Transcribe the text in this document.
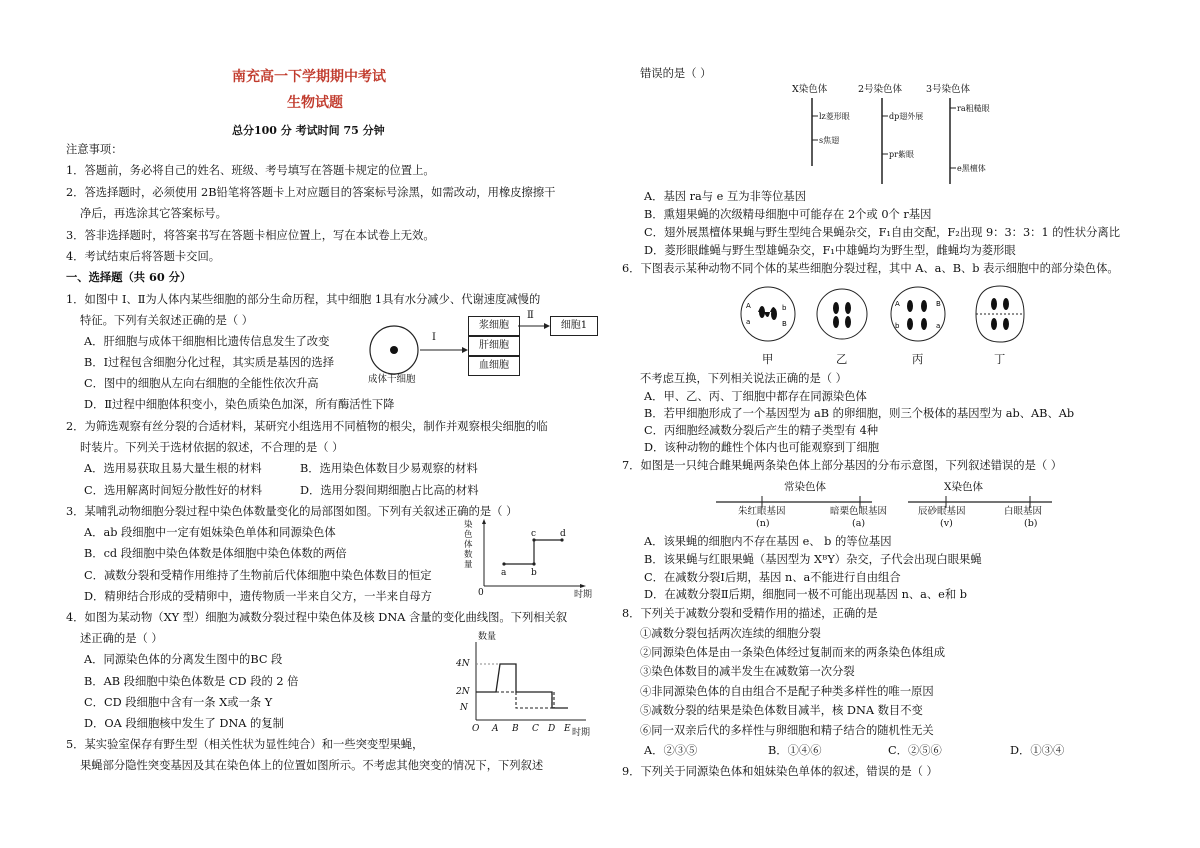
南充高一下学期期中考试
生物试题
总分100 分 考试时间 75 分钟
注意事项：
1．答题前，务必将自己的姓名、班级、考号填写在答题卡规定的位置上。
2．答选择题时，必须使用 2B铅笔将答题卡上对应题目的答案标号涂黑，如需改动，用橡皮擦擦干
净后，再选涂其它答案标号。
3．答非选择题时，将答案书写在答题卡相应位置上，写在本试卷上无效。
4．考试结束后将答题卡交回。
一、选择题（共 60 分）
1．如图中 Ⅰ、Ⅱ为人体内某些细胞的部分生命历程，其中细胞 1具有水分减少、代谢速度减慢的
特征。下列有关叙述正确的是（ ）
A．肝细胞与成体干细胞相比遗传信息发生了改变
B．Ⅰ过程包含细胞分化过程，其实质是基因的选择
C．图中的细胞从左向右细胞的全能性依次升高
D．Ⅱ过程中细胞体积变小，染色质染色加深，所有酶活性下降
2．为筛选观察有丝分裂的合适材料，某研究小组选用不同植物的根尖，制作并观察根尖细胞的临
时装片。下列关于选材依据的叙述，不合理的是（ ）
A．选用易获取且易大量生根的材料	B．选用染色体数目少易观察的材料
C．选用解离时间短分散性好的材料	D．选用分裂间期细胞占比高的材料
3．某哺乳动物细胞分裂过程中染色体数量变化的局部图如图。下列有关叙述正确的是（ ）
A．ab 段细胞中一定有姐妹染色单体和同源染色体
B．cd 段细胞中染色体数是体细胞中染色体数的两倍
C．减数分裂和受精作用维持了生物前后代体细胞中染色体数目的恒定
D．精卵结合形成的受精卵中，遗传物质一半来自父方，一半来自母方
4．如图为某动物（XY 型）细胞为减数分裂过程中染色体及核 DNA 含量的变化曲线图。下列相关叙
述正确的是（ ）
A．同源染色体的分离发生图中的BC 段
B．AB 段细胞中染色体数是 CD 段的 2 倍
C．CD 段细胞中含有一条 X或一条 Y
D．OA 段细胞核中发生了 DNA 的复制
5．某实验室保存有野生型（相关性状为显性纯合）和一些突变型果蝇，
果蝇部分隐性突变基因及其在染色体上的位置如图所示。不考虑其他突变的情况下，下列叙述
Ⅰ
Ⅱ
成体干细胞
浆细胞
肝细胞
血细胞
细胞1
染色体数量
0	时期
a	b
c	d
数量
4N
2N
N
O A B C D E 时期
错误的是（ ）
X染色体	2号染色体	3号染色体
lz菱形眼
s焦翅
dp翅外展
pr紫眼
ra粗糙眼
e黑檀体
A．基因 ra与 e 互为非等位基因
B．熏翅果蝇的次级精母细胞中可能存在 2个或 0个 r基因
C．翅外展黑檀体果蝇与野生型纯合果蝇杂交，F₁自由交配，F₂出现 9：3：3：1 的性状分离比
D．菱形眼雌蝇与野生型雄蝇杂交，F₁中雄蝇均为野生型，雌蝇均为菱形眼
6．下图表示某种动物不同个体的某些细胞分裂过程，其中 A、a、B、b 表示细胞中的部分染色体。
A
a
b
B
A
b
B
a
甲	乙	丙	丁
不考虑互换，下列相关说法正确的是（ ）
A．甲、乙、丙、丁细胞中都存在同源染色体
B．若甲细胞形成了一个基因型为 aB 的卵细胞，则三个极体的基因型为 ab、AB、Ab
C．丙细胞经减数分裂后产生的精子类型有 4种
D．该种动物的雌性个体内也可能观察到丁细胞
7．如图是一只纯合雌果蝇两条染色体上部分基因的分布示意图，下列叙述错误的是（ ）
常染色体	X染色体
朱红眼基因	暗栗色眼基因	辰砂眼基因	白眼基因
(n)	(a)	(v)	(b)
A．该果蝇的细胞内不存在基因 e、 b 的等位基因
B．该果蝇与红眼果蝇（基因型为 XᴮY）杂交，子代会出现白眼果蝇
C．在减数分裂Ⅰ后期，基因 n、a不能进行自由组合
D．在减数分裂Ⅱ后期，细胞同一极不可能出现基因 n、a、e和 b
8．下列关于减数分裂和受精作用的描述，正确的是
①减数分裂包括两次连续的细胞分裂
②同源染色体是由一条染色体经过复制而来的两条染色体组成
③染色体数目的减半发生在减数第一次分裂
④非同源染色体的自由组合不是配子种类多样性的唯一原因
⑤减数分裂的结果是染色体数目减半，核 DNA 数目不变
⑥同一双亲后代的多样性与卵细胞和精子结合的随机性无关
A．②③⑤	B．①④⑥	C．②⑤⑥	D．①③④
9．下列关于同源染色体和姐妹染色单体的叙述，错误的是（ ）
